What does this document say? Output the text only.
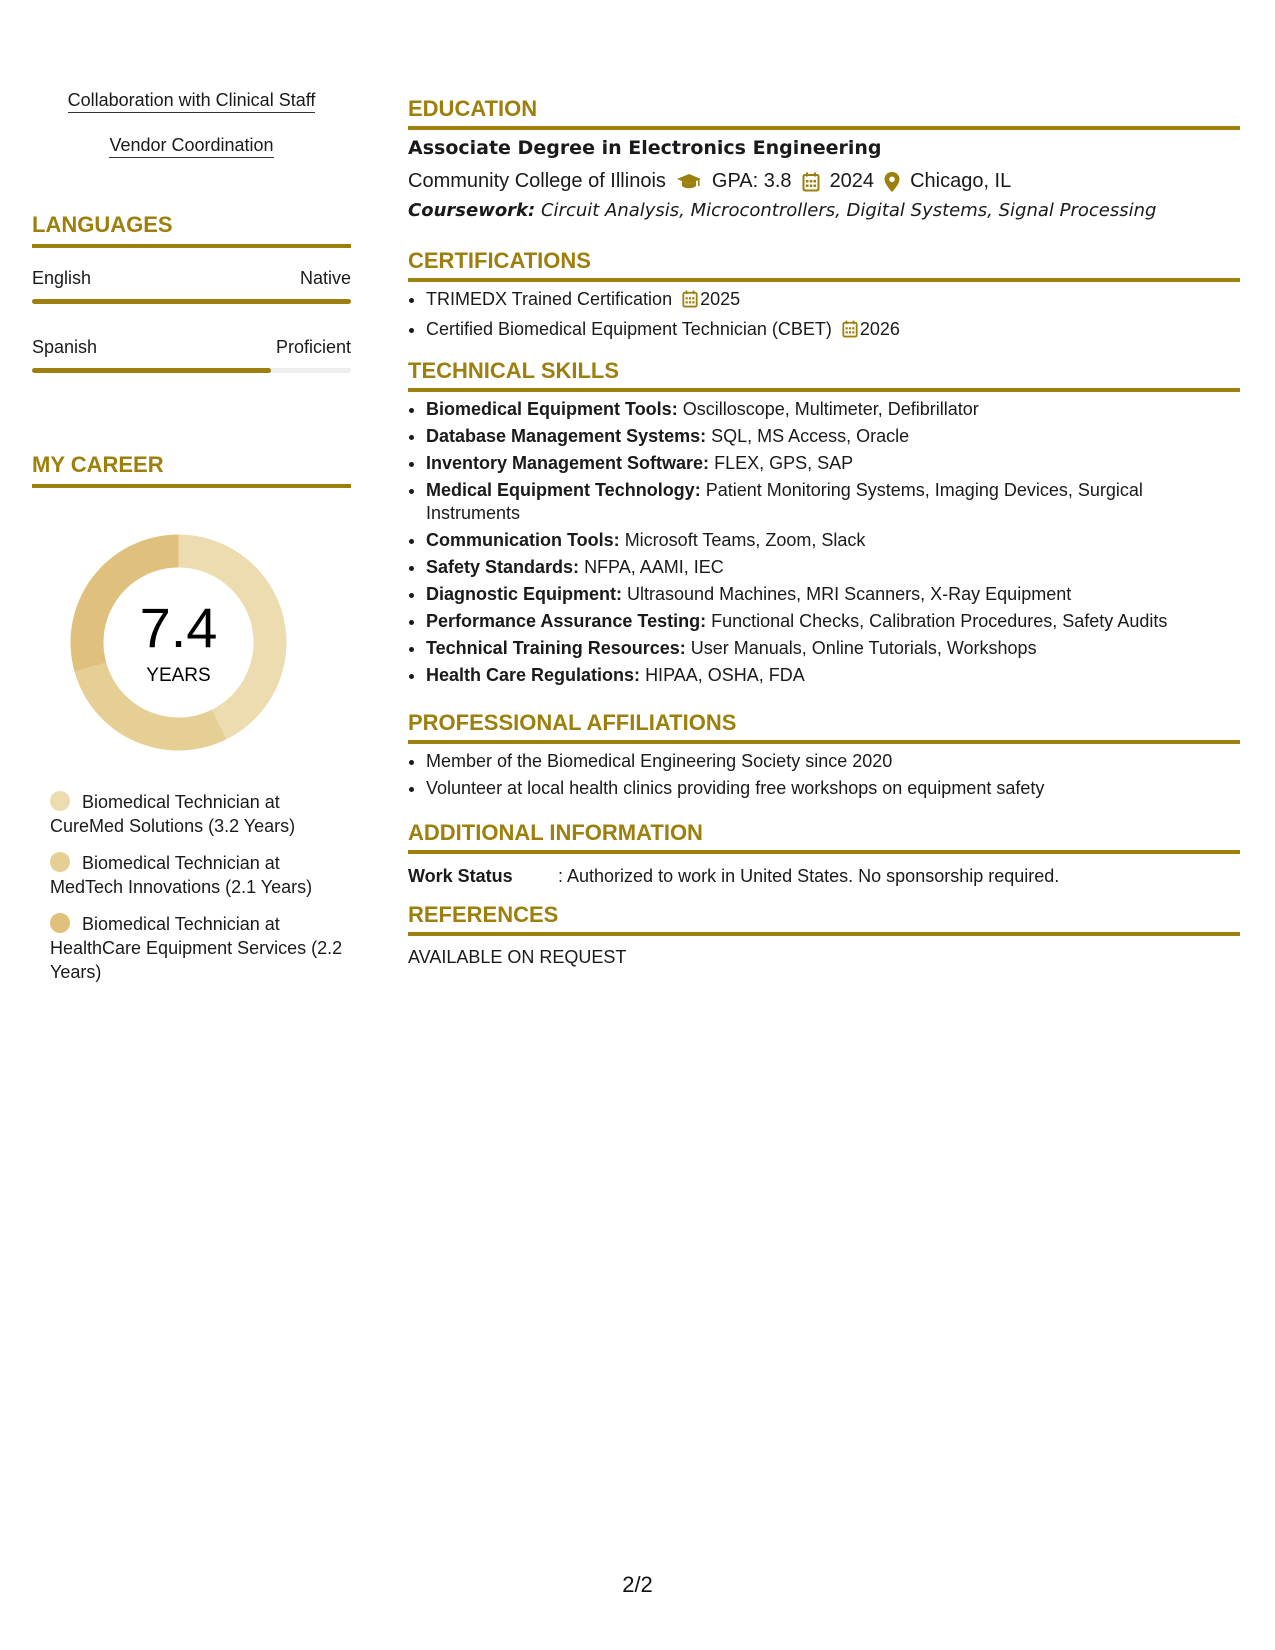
Collaboration with Clinical Staff
Vendor Coordination
LANGUAGES
English	Native
Spanish	Proficient
MY CAREER
7.4
YEARS
Biomedical Technician at CureMed Solutions (3.2 Years)
Biomedical Technician at MedTech Innovations (2.1 Years)
Biomedical Technician at HealthCare Equipment Services (2.2 Years)
EDUCATION
Associate Degree in Electronics Engineering
Community College of Illinois GPA: 3.8 2024 Chicago, IL
Coursework: Circuit Analysis, Microcontrollers, Digital Systems, Signal Processing
CERTIFICATIONS
• TRIMEDX Trained Certification 2025
• Certified Biomedical Equipment Technician (CBET) 2026
TECHNICAL SKILLS
• Biomedical Equipment Tools: Oscilloscope, Multimeter, Defibrillator
• Database Management Systems: SQL, MS Access, Oracle
• Inventory Management Software: FLEX, GPS, SAP
• Medical Equipment Technology: Patient Monitoring Systems, Imaging Devices, Surgical Instruments
• Communication Tools: Microsoft Teams, Zoom, Slack
• Safety Standards: NFPA, AAMI, IEC
• Diagnostic Equipment: Ultrasound Machines, MRI Scanners, X-Ray Equipment
• Performance Assurance Testing: Functional Checks, Calibration Procedures, Safety Audits
• Technical Training Resources: User Manuals, Online Tutorials, Workshops
• Health Care Regulations: HIPAA, OSHA, FDA
PROFESSIONAL AFFILIATIONS
• Member of the Biomedical Engineering Society since 2020
• Volunteer at local health clinics providing free workshops on equipment safety
ADDITIONAL INFORMATION
Work Status	: Authorized to work in United States. No sponsorship required.
REFERENCES
AVAILABLE ON REQUEST
2/2
